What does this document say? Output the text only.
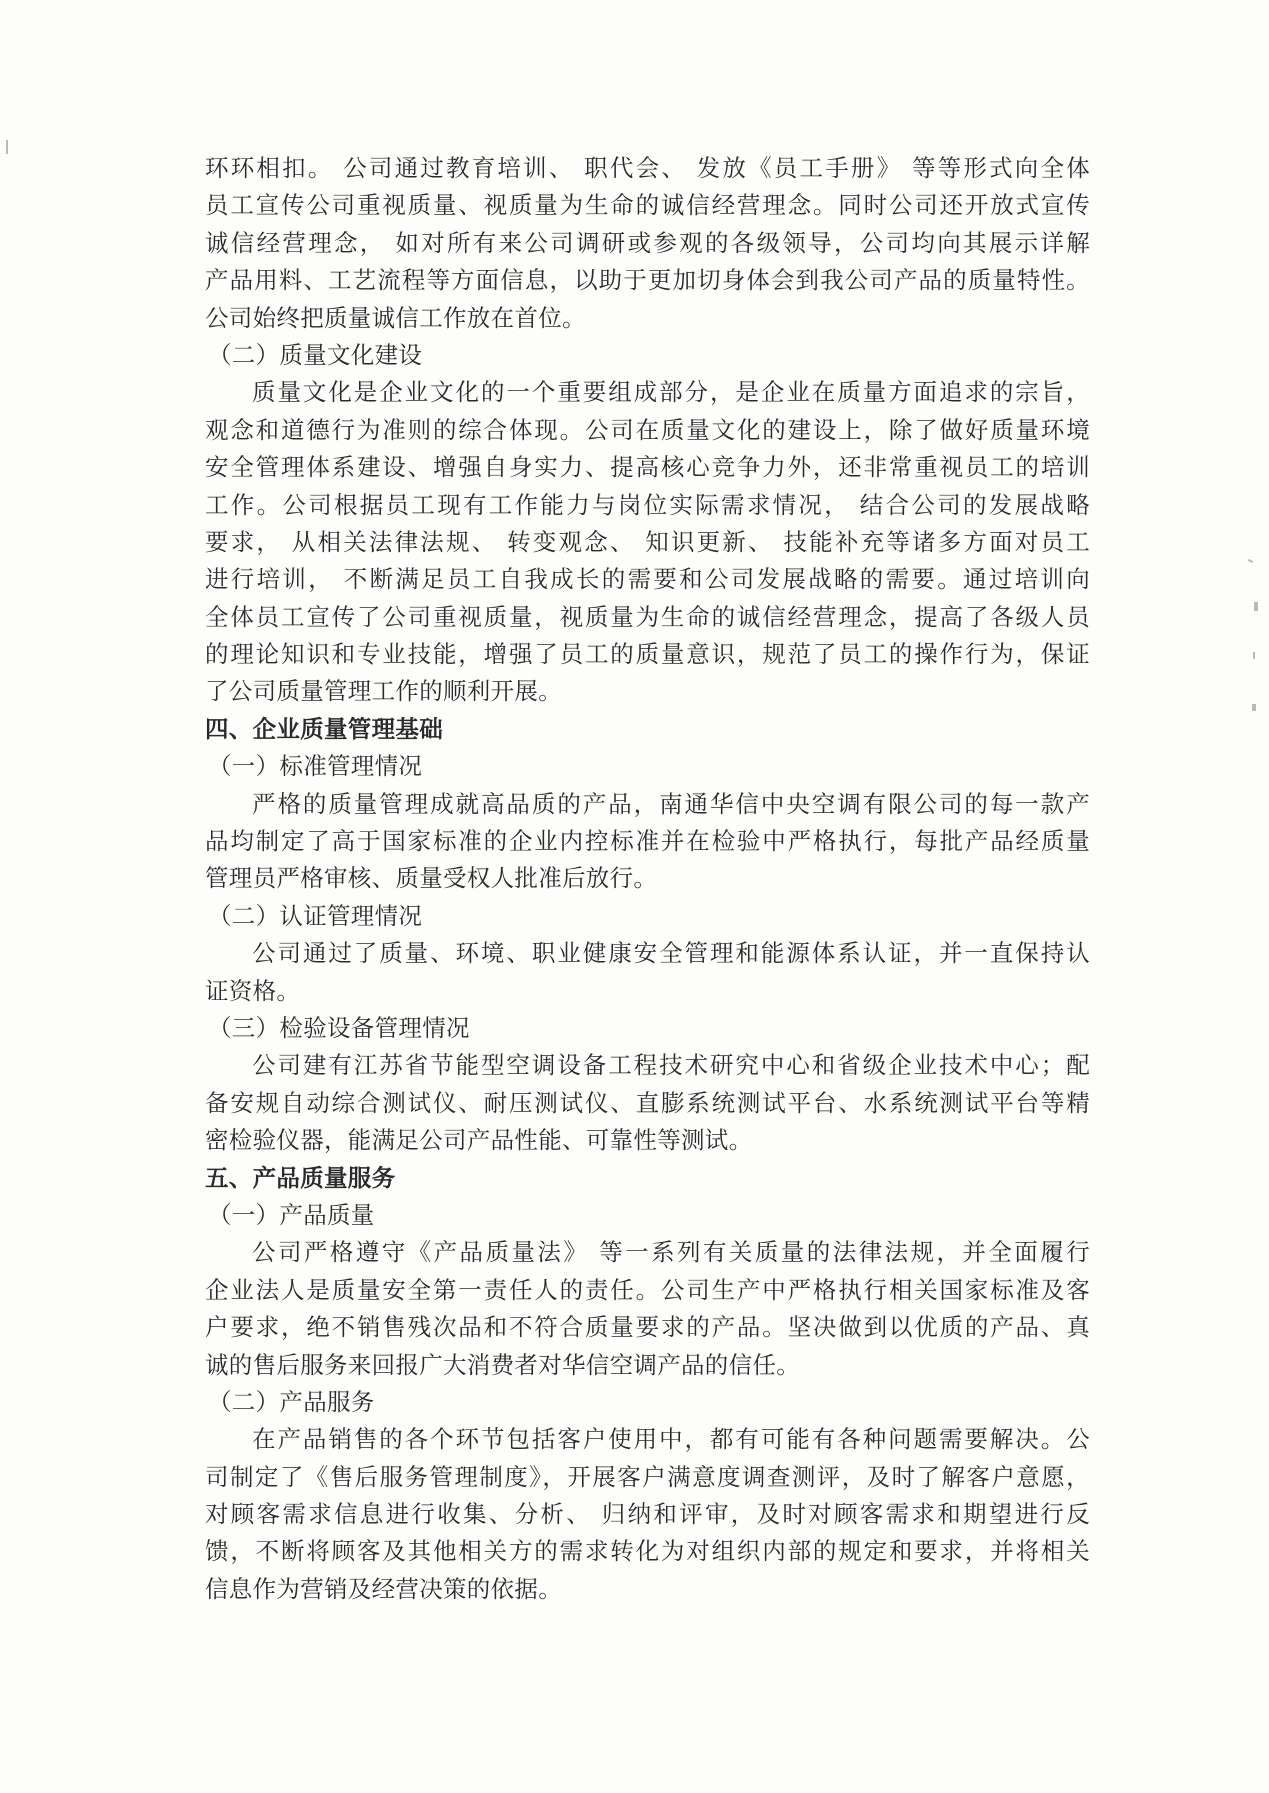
环环相扣。 公司通过教育培训、 职代会、 发放《员工手册》 等等形式向全体
员工宣传公司重视质量、视质量为生命的诚信经营理念。同时公司还开放式宣传
诚信经营理念， 如对所有来公司调研或参观的各级领导，公司均向其展示详解
产品用料、工艺流程等方面信息，以助于更加切身体会到我公司产品的质量特性。
公司始终把质量诚信工作放在首位。
（二）质量文化建设
质量文化是企业文化的一个重要组成部分，是企业在质量方面追求的宗旨，
观念和道德行为准则的综合体现。公司在质量文化的建设上，除了做好质量环境
安全管理体系建设、增强自身实力、提高核心竞争力外，还非常重视员工的培训
工作。公司根据员工现有工作能力与岗位实际需求情况， 结合公司的发展战略
要求， 从相关法律法规、 转变观念、 知识更新、 技能补充等诸多方面对员工
进行培训， 不断满足员工自我成长的需要和公司发展战略的需要。通过培训向
全体员工宣传了公司重视质量，视质量为生命的诚信经营理念，提高了各级人员
的理论知识和专业技能，增强了员工的质量意识，规范了员工的操作行为，保证
了公司质量管理工作的顺利开展。
四、企业质量管理基础
（一）标准管理情况
严格的质量管理成就高品质的产品，南通华信中央空调有限公司的每一款产
品均制定了高于国家标准的企业内控标准并在检验中严格执行，每批产品经质量
管理员严格审核、质量受权人批准后放行。
（二）认证管理情况
公司通过了质量、环境、职业健康安全管理和能源体系认证，并一直保持认
证资格。
（三）检验设备管理情况
公司建有江苏省节能型空调设备工程技术研究中心和省级企业技术中心；配
备安规自动综合测试仪、耐压测试仪、直膨系统测试平台、水系统测试平台等精
密检验仪器，能满足公司产品性能、可靠性等测试。
五、产品质量服务
（一）产品质量
公司严格遵守《产品质量法》 等一系列有关质量的法律法规，并全面履行
企业法人是质量安全第一责任人的责任。公司生产中严格执行相关国家标准及客
户要求，绝不销售残次品和不符合质量要求的产品。坚决做到以优质的产品、真
诚的售后服务来回报广大消费者对华信空调产品的信任。
（二）产品服务
在产品销售的各个环节包括客户使用中，都有可能有各种问题需要解决。公
司制定了《售后服务管理制度》，开展客户满意度调查测评，及时了解客户意愿，
对顾客需求信息进行收集、分析、 归纳和评审，及时对顾客需求和期望进行反
馈，不断将顾客及其他相关方的需求转化为对组织内部的规定和要求，并将相关
信息作为营销及经营决策的依据。
